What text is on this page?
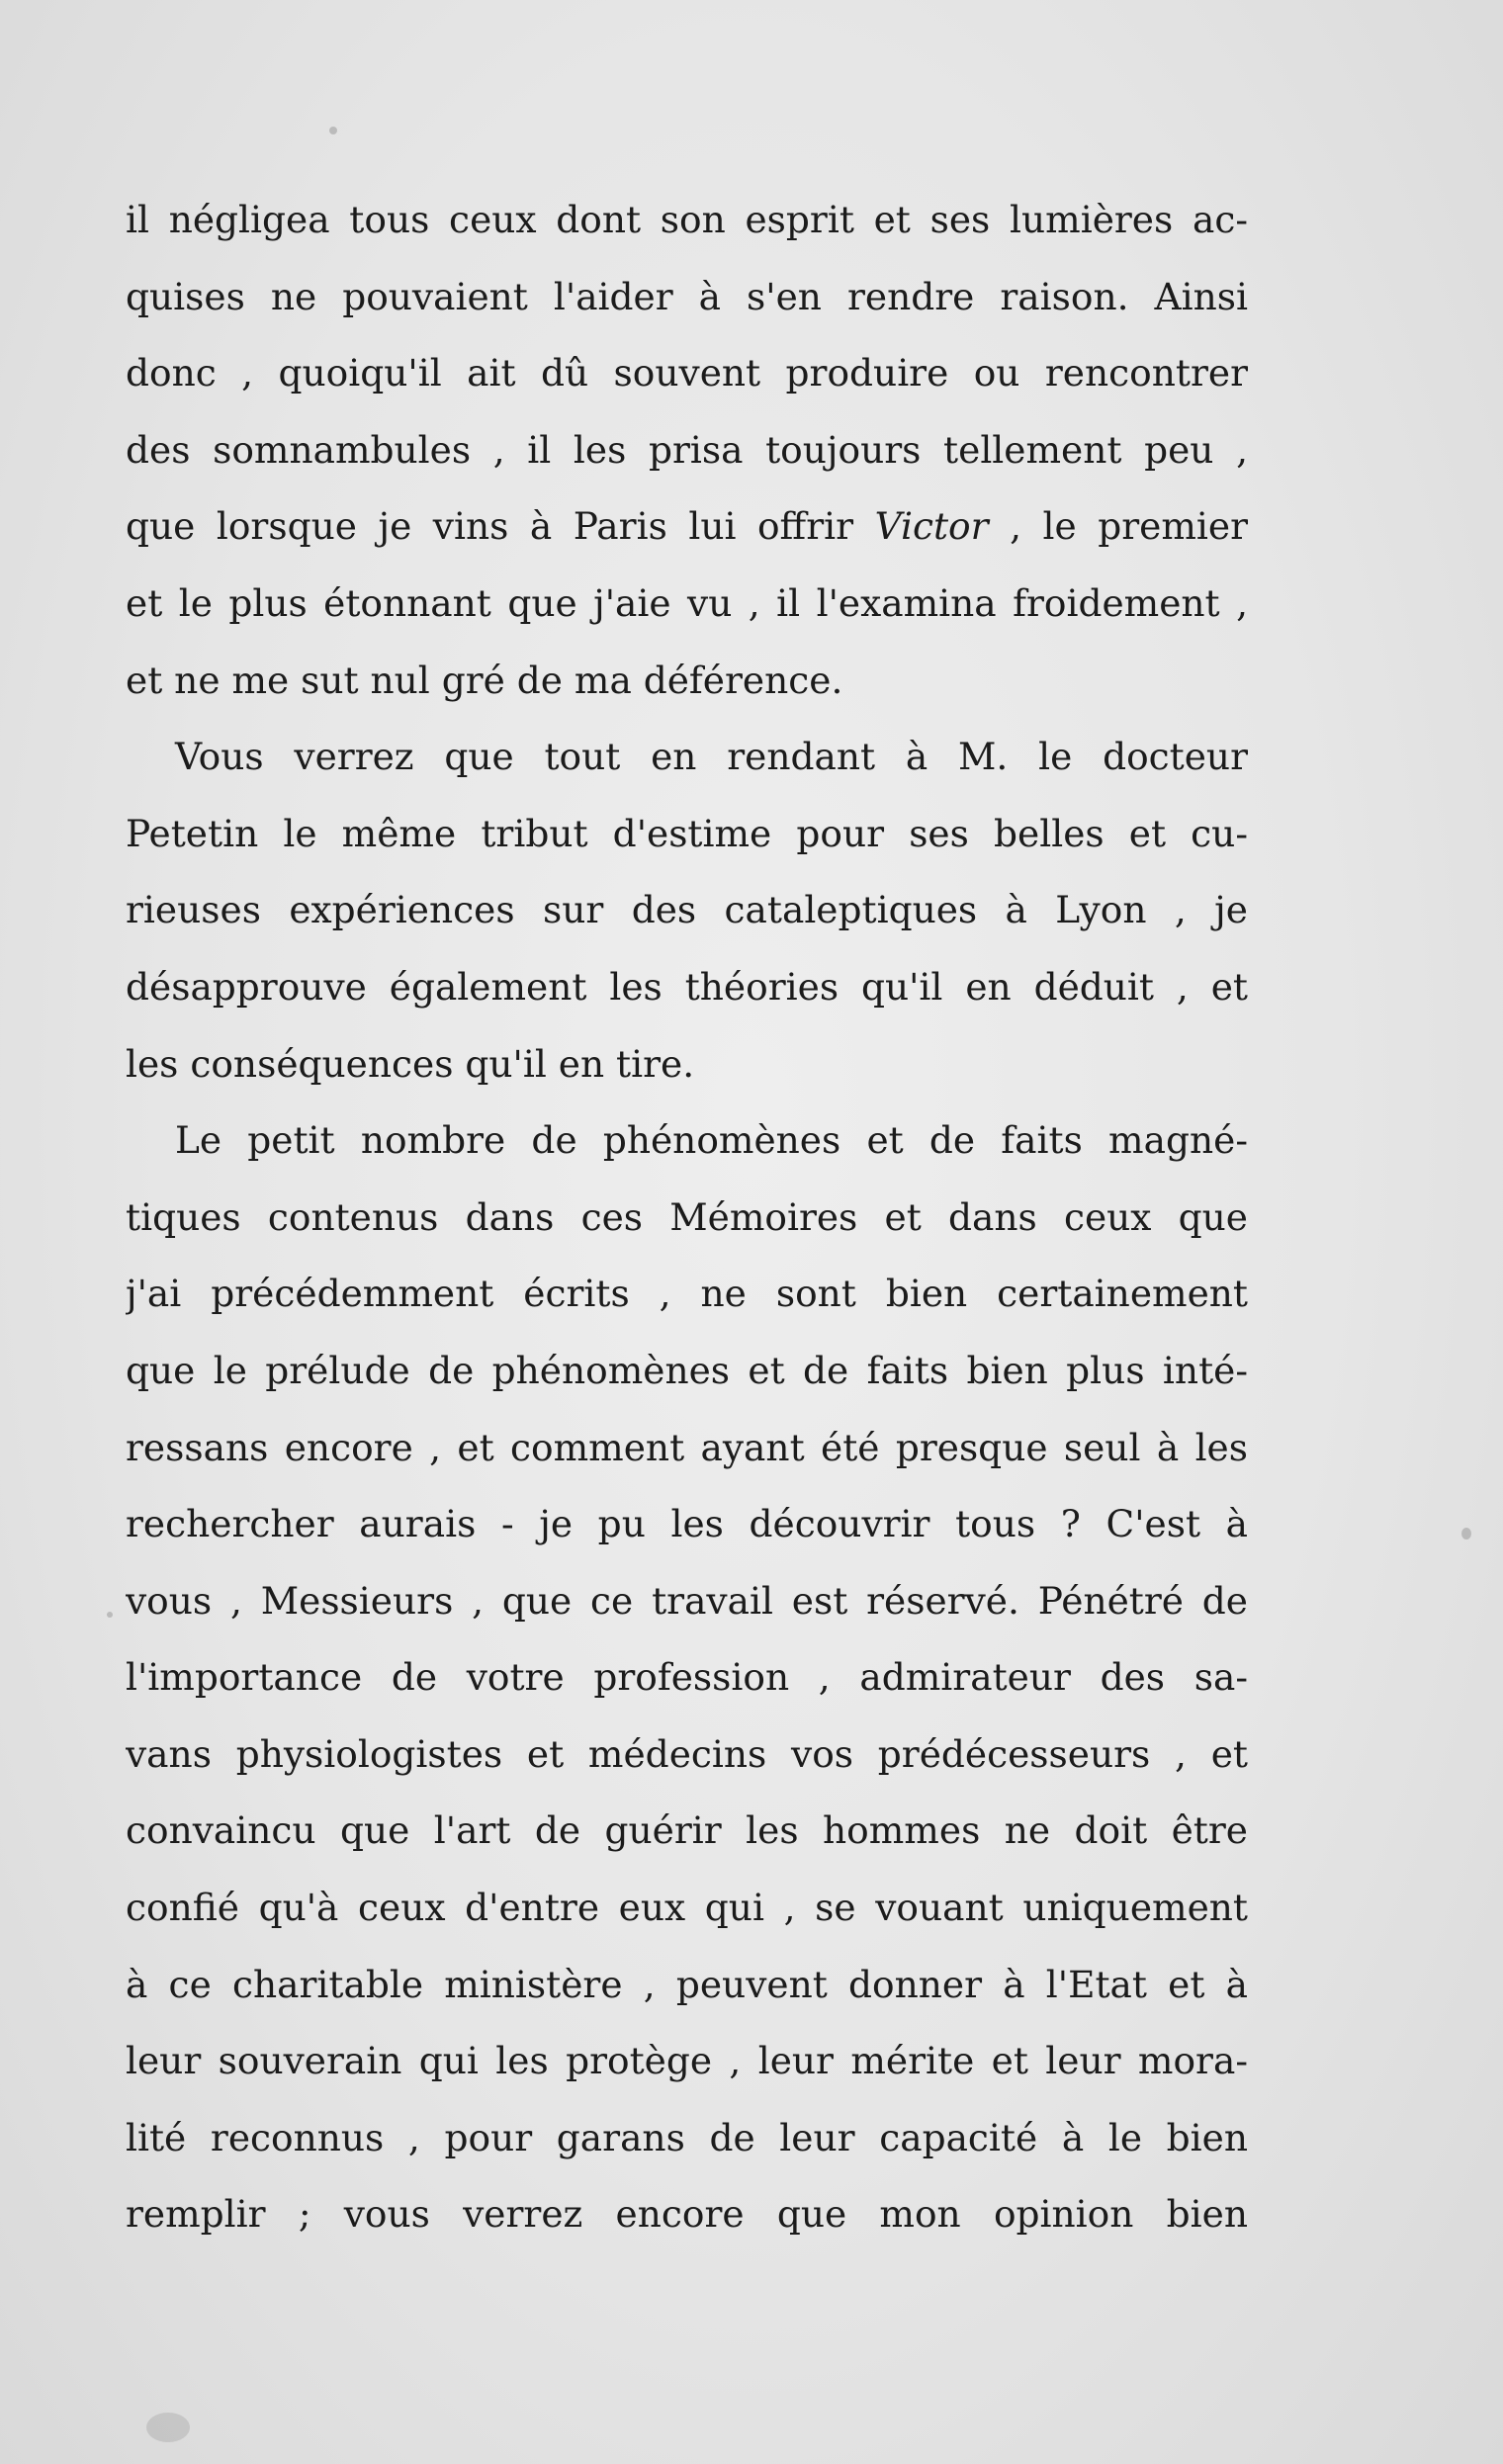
il négligea tous ceux dont son esprit et ses lumières ac-
quises ne pouvaient l'aider à s'en rendre raison. Ainsi
donc , quoiqu'il ait dû souvent produire ou rencontrer
des somnambules , il les prisa toujours tellement peu ,
que lorsque je vins à Paris lui offrir Victor , le premier
et le plus étonnant que j'aie vu , il l'examina froidement ,
et ne me sut nul gré de ma déférence.
Vous verrez que tout en rendant à M. le docteur
Petetin le même tribut d'estime pour ses belles et cu-
rieuses expériences sur des cataleptiques à Lyon , je
désapprouve également les théories qu'il en déduit , et
les conséquences qu'il en tire.
Le petit nombre de phénomènes et de faits magné-
tiques contenus dans ces Mémoires et dans ceux que
j'ai précédemment écrits , ne sont bien certainement
que le prélude de phénomènes et de faits bien plus inté-
ressans encore , et comment ayant été presque seul à les
rechercher aurais - je pu les découvrir tous ? C'est à
vous , Messieurs , que ce travail est réservé. Pénétré de
l'importance de votre profession , admirateur des sa-
vans physiologistes et médecins vos prédécesseurs , et
convaincu que l'art de guérir les hommes ne doit être
confié qu'à ceux d'entre eux qui , se vouant uniquement
à ce charitable ministère , peuvent donner à l'Etat et à
leur souverain qui les protège , leur mérite et leur mora-
lité reconnus , pour garans de leur capacité à le bien
remplir ; vous verrez encore que mon opinion bien
